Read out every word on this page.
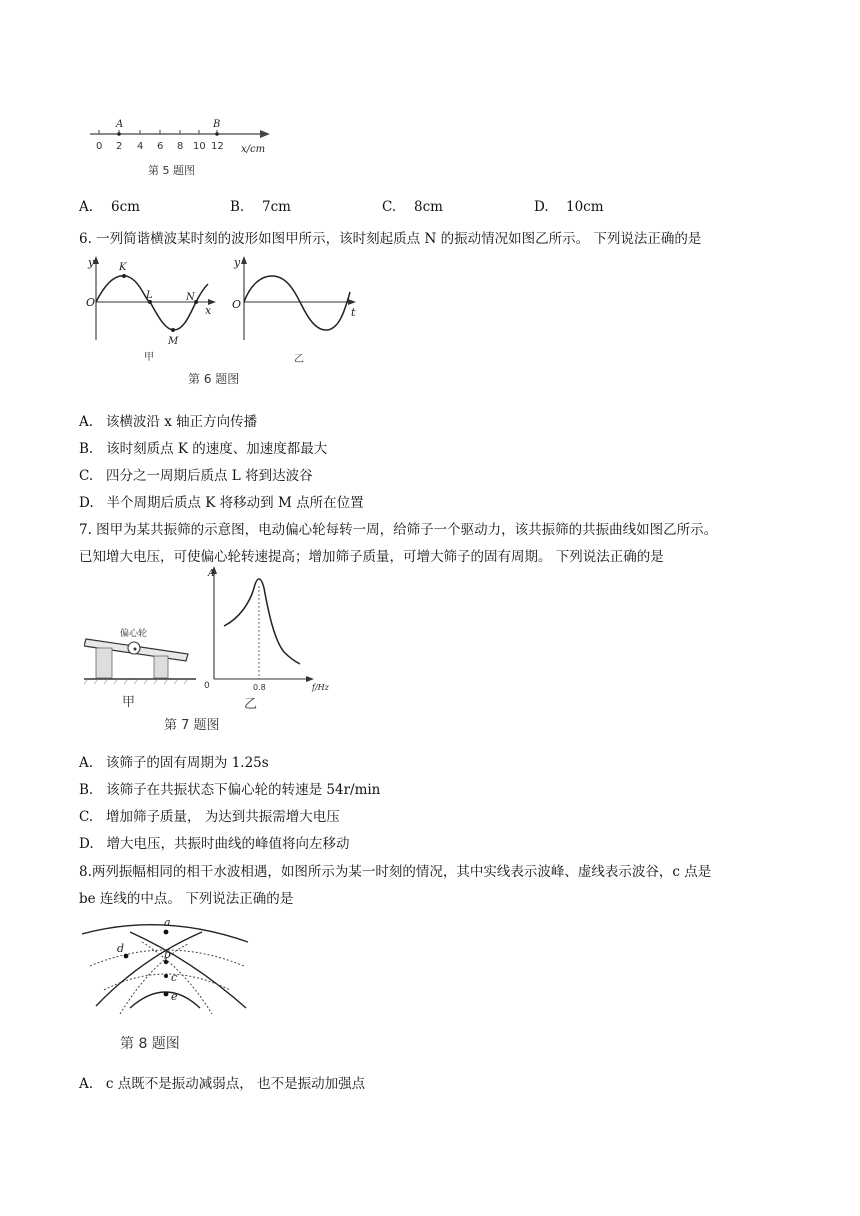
A	B
0 2 4 6 8 10 12 x/cm
第 5 题图
A. 6cm	B. 7cm	C. 8cm	D. 10cm
6. 一列简谐横波某时刻的波形如图甲所示，该时刻起质点 N 的振动情况如图乙所示。 下列说法正确的是
y
x
O
K
L
M
N
甲
y
t
O
乙
第 6 题图
A. 该横波沿 x 轴正方向传播
B. 该时刻质点 K 的速度、加速度都最大
C. 四分之一周期后质点 L 将到达波谷
D. 半个周期后质点 K 将移动到 M 点所在位置
7. 图甲为某共振筛的示意图，电动偏心轮每转一周，给筛子一个驱动力，该共振筛的共振曲线如图乙所示。
已知增大电压，可使偏心轮转速提高；增加筛子质量，可增大筛子的固有周期。 下列说法正确的是
偏心轮
甲
A
0	0.8	f/Hz
乙
第 7 题图
A. 该筛子的固有周期为 1.25s
B. 该筛子在共振状态下偏心轮的转速是 54r/min
C. 增加筛子质量， 为达到共振需增大电压
D. 增大电压，共振时曲线的峰值将向左移动
8.两列振幅相同的相干水波相遇，如图所示为某一时刻的情况，其中实线表示波峰、虚线表示波谷，c 点是
be 连线的中点。 下列说法正确的是
a
d	b
c
e
第 8 题图
A. c 点既不是振动减弱点， 也不是振动加强点
